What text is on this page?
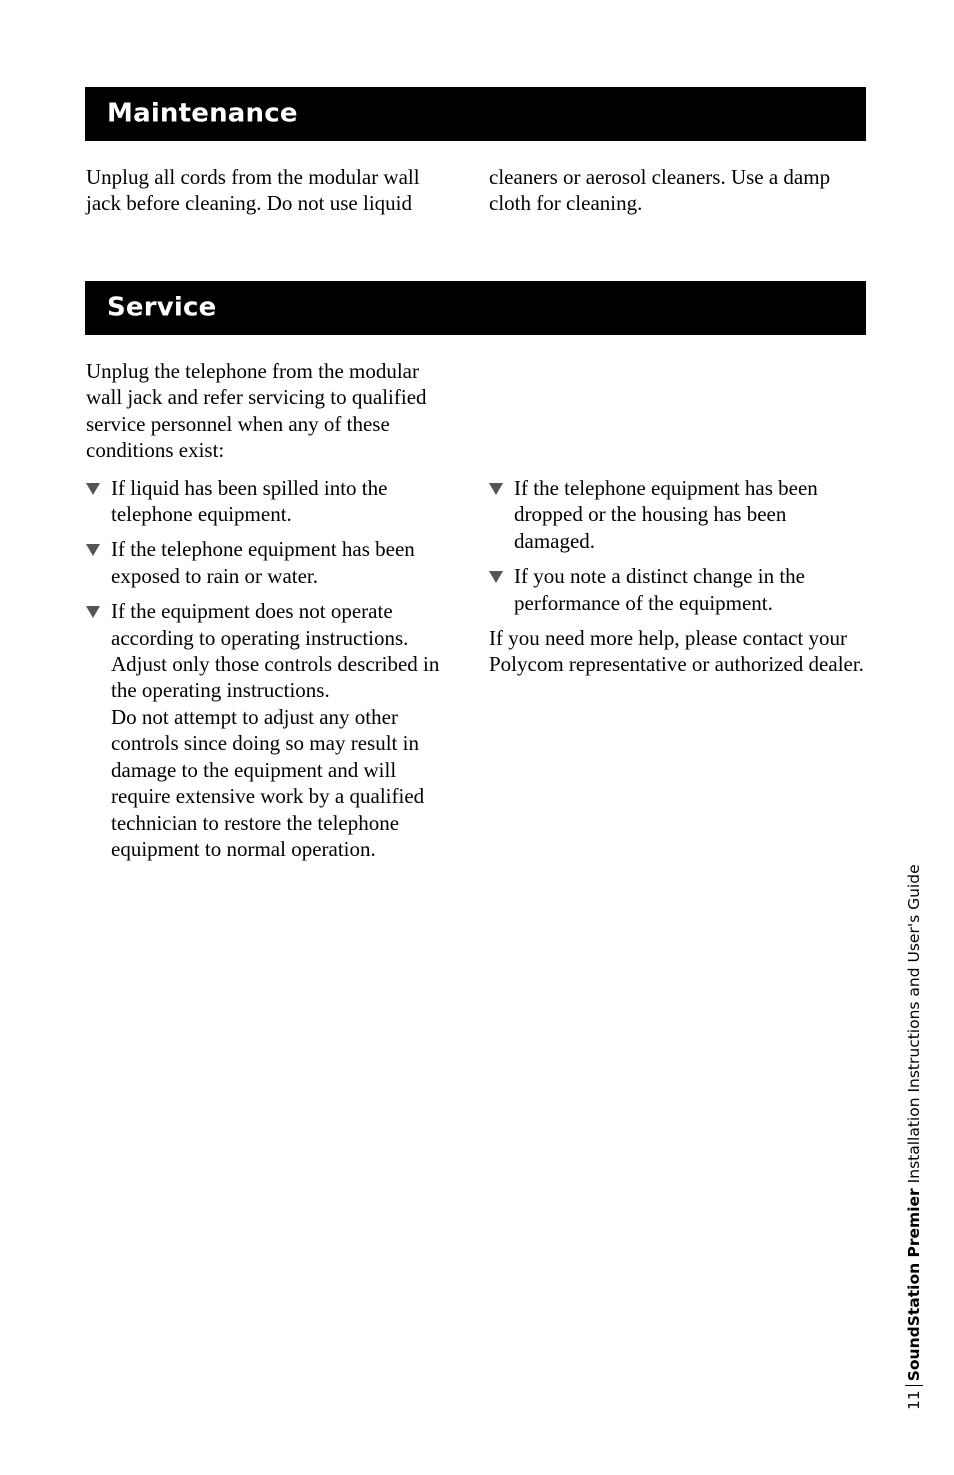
Maintenance

Unplug all cords from the modular wall jack before cleaning. Do not use liquid

cleaners or aerosol cleaners. Use a damp cloth for cleaning.

Service

Unplug the telephone from the modular wall jack and refer servicing to qualified service personnel when any of these conditions exist:

If liquid has been spilled into the telephone equipment.
If the telephone equipment has been exposed to rain or water.
If the equipment does not operate according to operating instructions. Adjust only those controls described in the operating instructions.
Do not attempt to adjust any other controls since doing so may result in damage to the equipment and will require extensive work by a qualified technician to restore the telephone equipment to normal operation.
If the telephone equipment has been dropped or the housing has been damaged.
If you note a distinct change in the performance of the equipment.

If you need more help, please contact your Polycom representative or authorized dealer.

11
SoundStation Premier
Installation Instructions and User's Guide
